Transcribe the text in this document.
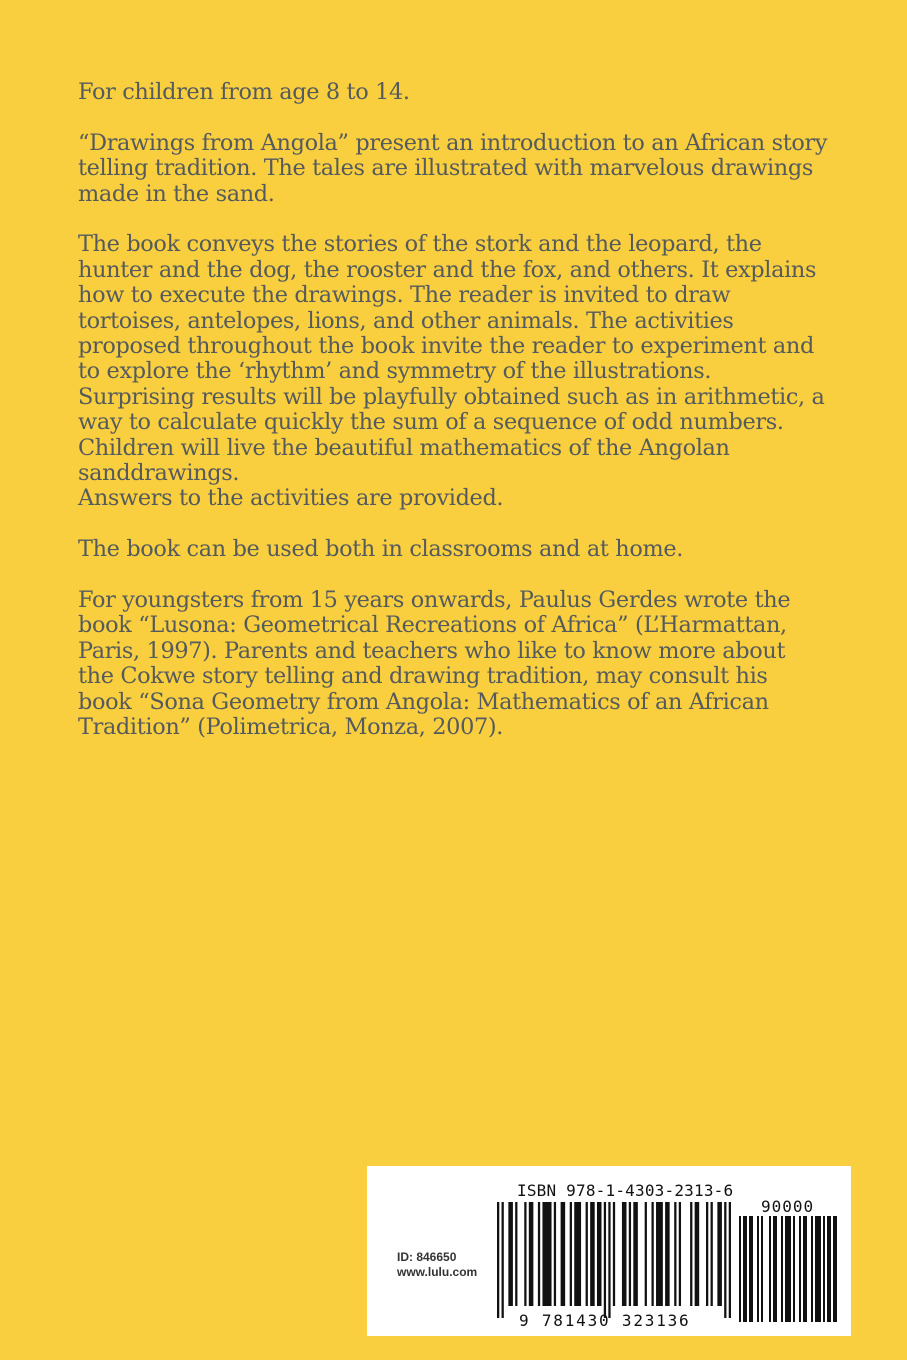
For children from age 8 to 14.

“Drawings from Angola” present an introduction to an African story
telling tradition. The tales are illustrated with marvelous drawings
made in the sand.

The book conveys the stories of the stork and the leopard, the
hunter and the dog, the rooster and the fox, and others. It explains
how to execute the drawings. The reader is invited to draw
tortoises, antelopes, lions, and other animals. The activities
proposed throughout the book invite the reader to experiment and
to explore the ‘rhythm’ and symmetry of the illustrations.
Surprising results will be playfully obtained such as in arithmetic, a
way to calculate quickly the sum of a sequence of odd numbers.
Children will live the beautiful mathematics of the Angolan
sanddrawings.
Answers to the activities are provided.

The book can be used both in classrooms and at home.

For youngsters from 15 years onwards, Paulus Gerdes wrote the
book “Lusona: Geometrical Recreations of Africa” (L’Harmattan,
Paris, 1997). Parents and teachers who like to know more about
the Cokwe story telling and drawing tradition, may consult his
book “Sona Geometry from Angola: Mathematics of an African
Tradition” (Polimetrica, Monza, 2007).

ID: 846650
www.lulu.com
ISBN 978-1-4303-2313-6
90000
9 781430 323136
